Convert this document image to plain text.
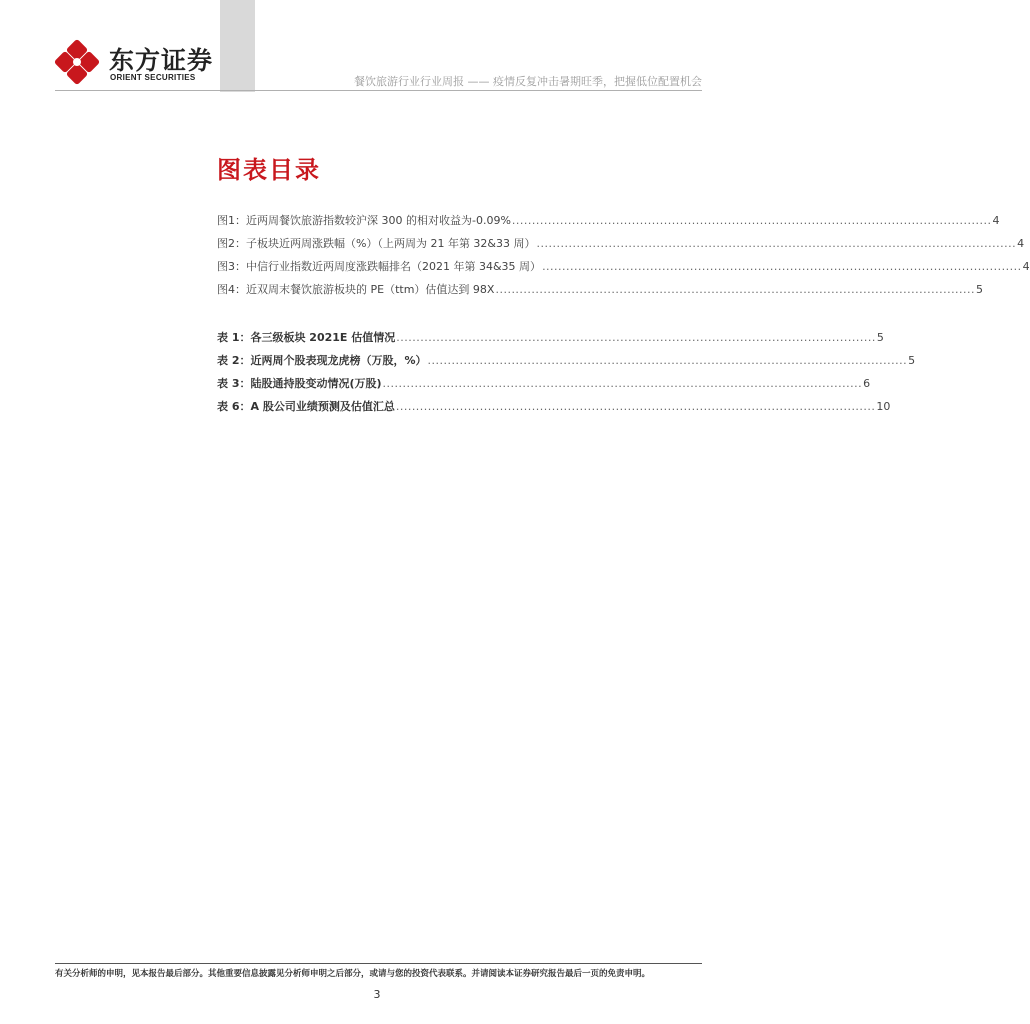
东方证券
ORIENT SECURITIES	餐饮旅游行业行业周报 —— 疫情反复冲击暑期旺季，把握低位配置机会
图表目录
图1：近两周餐饮旅游指数较沪深 300 的相对收益为-0.09% ........................................................................................................................ 4
图2：子板块近两周涨跌幅（%）（上两周为 21 年第 32&33 周） ........................................................................................................................ 4
图3：中信行业指数近两周度涨跌幅排名（2021 年第 34&35 周） ........................................................................................................................ 4
图4：近双周末餐饮旅游板块的 PE（ttm）估值达到 98X ........................................................................................................................ 5
表 1：各三级板块 2021E 估值情况 ........................................................................................................................ 5
表 2：近两周个股表现龙虎榜（万股，%） ........................................................................................................................ 5
表 3：陆股通持股变动情况(万股) ........................................................................................................................ 6
表 6：A 股公司业绩预测及估值汇总 ........................................................................................................................ 10
有关分析师的申明，见本报告最后部分。其他重要信息披露见分析师申明之后部分，或请与您的投资代表联系。并请阅读本证券研究报告最后一页的免责申明。
3
